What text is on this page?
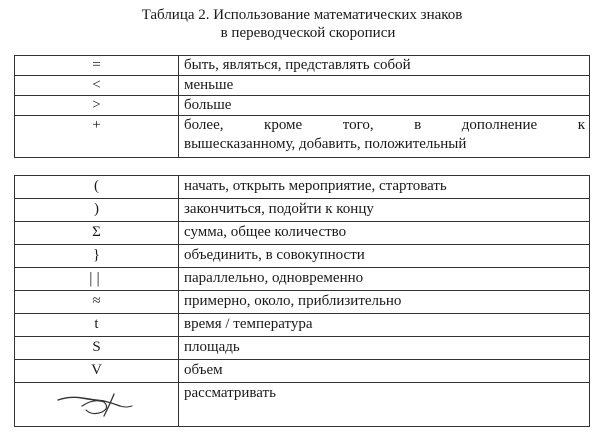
Таблица 2. Использование математических знаков
в переводческой скорописи
=	быть, являться, представлять собой
<	меньше
>	больше
+	более, кроме того, в дополнение к
вышесказанному, добавить, положительный
(	начать, открыть мероприятие, стартовать
)	закончиться, подойти к концу
Σ	сумма, общее количество
}	объединить, в совокупности
||	параллельно, одновременно
≈	примерно, около, приблизительно
t	время / температура
S	площадь
V	объем

	рассматривать
